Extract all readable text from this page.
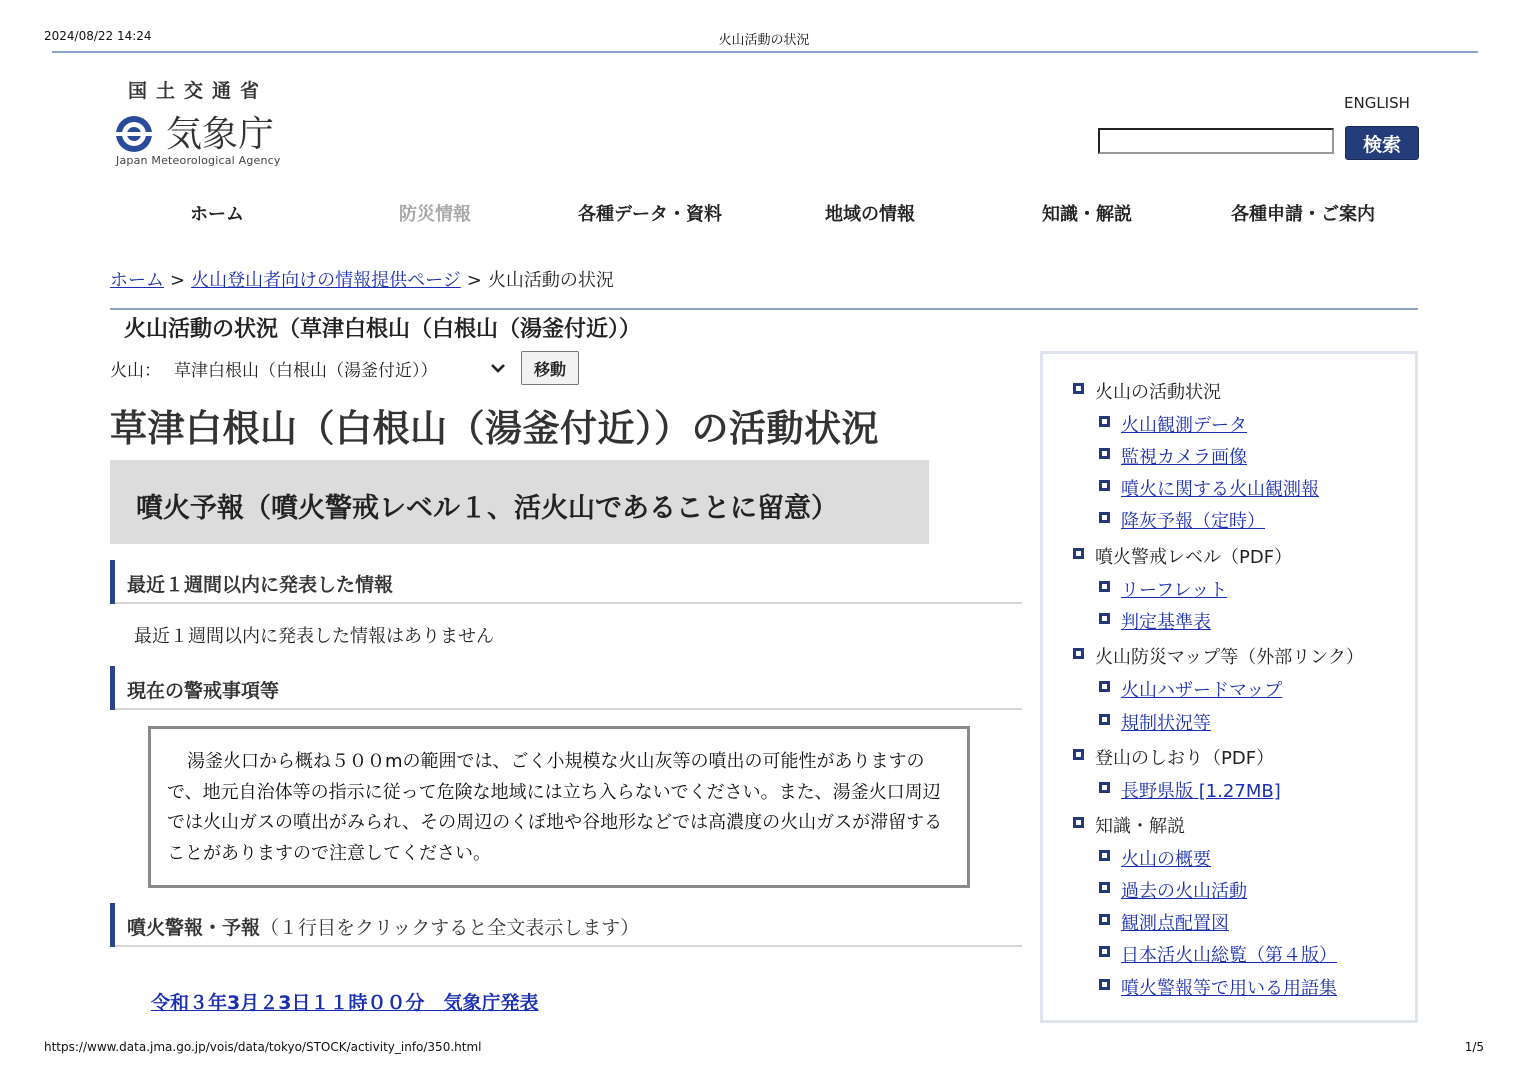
2024/08/22 14:24	火山活動の状況
国土交通省
気象庁
Japan Meteorological Agency
ENGLISH
検索
ホーム	防災情報	各種データ・資料	地域の情報	知識・解説	各種申請・ご案内
ホーム > 火山登山者向けの情報提供ページ > 火山活動の状況
火山活動の状況（草津白根山（白根山（湯釜付近））
火山： 草津白根山（白根山（湯釜付近））	移動
草津白根山（白根山（湯釜付近））の活動状況
噴火予報（噴火警戒レベル１、活火山であることに留意）
最近１週間以内に発表した情報
最近１週間以内に発表した情報はありません
現在の警戒事項等
湯釜火口から概ね５００mの範囲では、ごく小規模な火山灰等の噴出の可能性がありますので、地元自治体等の指示に従って危険な地域には立ち入らないでください。また、湯釜火口周辺では火山ガスの噴出がみられ、その周辺のくぼ地や谷地形などでは高濃度の火山ガスが滞留することがありますので注意してください。
噴火警報・予報（１行目をクリックすると全文表示します）
令和３年3月２3日１１時００分　気象庁発表
火山の活動状況
火山観測データ
監視カメラ画像
噴火に関する火山観測報
降灰予報（定時）
噴火警戒レベル（PDF）
リーフレット
判定基準表
火山防災マップ等（外部リンク）
火山ハザードマップ
規制状況等
登山のしおり（PDF）
長野県版 [1.27MB]
知識・解説
火山の概要
過去の火山活動
観測点配置図
日本活火山総覧（第４版）
噴火警報等で用いる用語集
https://www.data.jma.go.jp/vois/data/tokyo/STOCK/activity_info/350.html	1/5
